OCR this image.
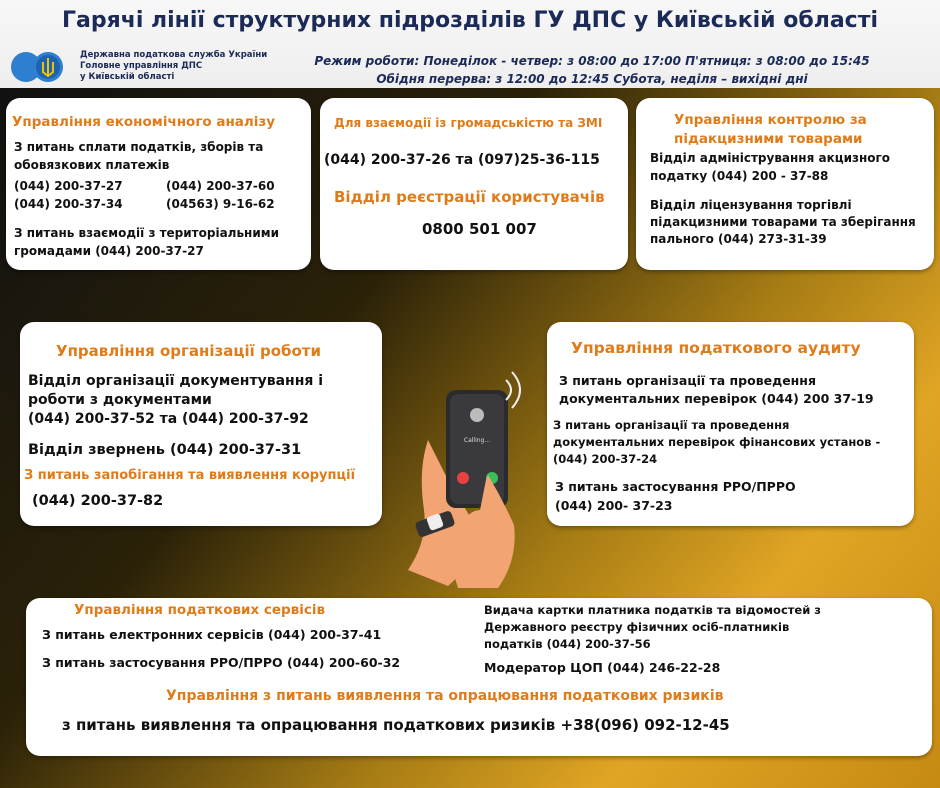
Гарячі лінії структурних підрозділів ГУ ДПС у Київській області
Державна податкова служба України
Головне управління ДПС
у Київській області
Режим роботи: Понеділок - четвер: з 08:00 до 17:00 П'ятниця: з 08:00 до 15:45
Обідня перерва: з 12:00 до 12:45 Субота, неділя – вихідні дні
Управління економічного аналізу
З питань сплати податків, зборів та
обовязкових платежів
(044) 200-37-27	(044) 200-37-60
(044) 200-37-34	(04563) 9-16-62
З питань взаємодії з територіальними
громадами (044) 200-37-27
Для взаємодії із громадськістю та ЗМІ
(044) 200-37-26 та (097)25-36-115
Відділ реєстрації користувачів
0800 501 007
Управління контролю за
підакцизними товарами
Відділ адміністрування акцизного
податку (044) 200 - 37-88
Відділ ліцензування торгівлі
підакцизними товарами та зберігання
пального (044) 273-31-39
Управління організації роботи
Відділ організації документування і
роботи з документами
(044) 200-37-52 та (044) 200-37-92
Відділ звернень (044) 200-37-31
З питань запобігання та виявлення корупції
(044) 200-37-82
Управління податкового аудиту
З питань організації та проведення
документальних перевірок (044) 200 37-19
З питань організації та проведення
документальних перевірок фінансових установ -
(044) 200-37-24
З питань застосування РРО/ПРРО
(044) 200- 37-23
Calling...
Управління податкових сервісів
З питань електронних сервісів (044) 200-37-41
З питань застосування РРО/ПРРО (044) 200-60-32
Видача картки платника податків та відомостей з
Державного реєстру фізичних осіб-платників
податків (044) 200-37-56
Модератор ЦОП (044) 246-22-28
Управління з питань виявлення та опрацювання податкових ризиків
з питань виявлення та опрацювання податкових ризиків +38(096) 092-12-45
